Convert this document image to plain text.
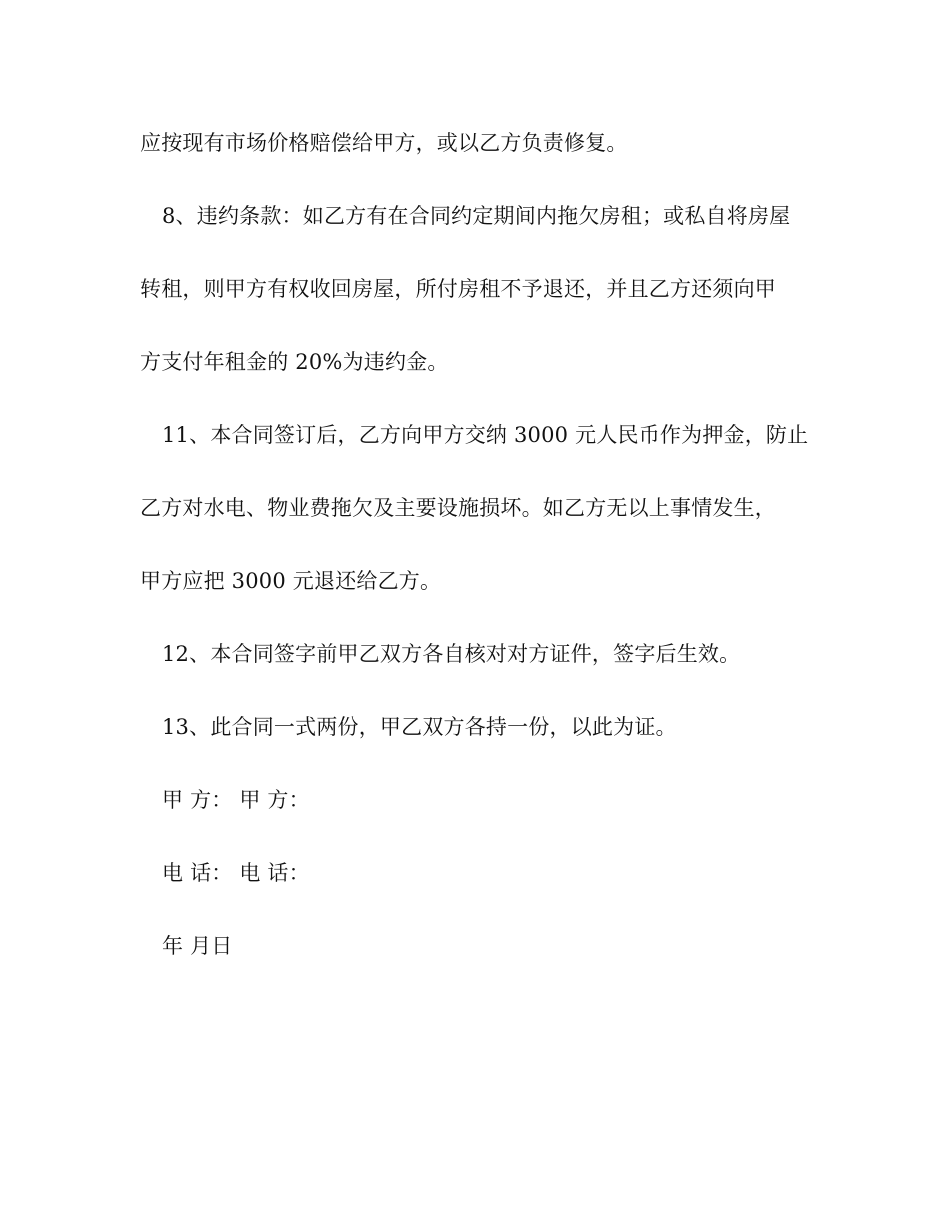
应按现有市场价格赔偿给甲方，或以乙方负责修复。
8、违约条款：如乙方有在合同约定期间内拖欠房租；或私自将房屋
转租，则甲方有权收回房屋，所付房租不予退还，并且乙方还须向甲
方支付年租金的 20%为违约金。
11、本合同签订后，乙方向甲方交纳 3000 元人民币作为押金，防止
乙方对水电、物业费拖欠及主要设施损坏。如乙方无以上事情发生，
甲方应把 3000 元退还给乙方。
12、本合同签字前甲乙双方各自核对对方证件，签字后生效。
13、此合同一式两份，甲乙双方各持一份，以此为证。
甲 方： 甲 方：
电 话： 电 话：
年 月日
